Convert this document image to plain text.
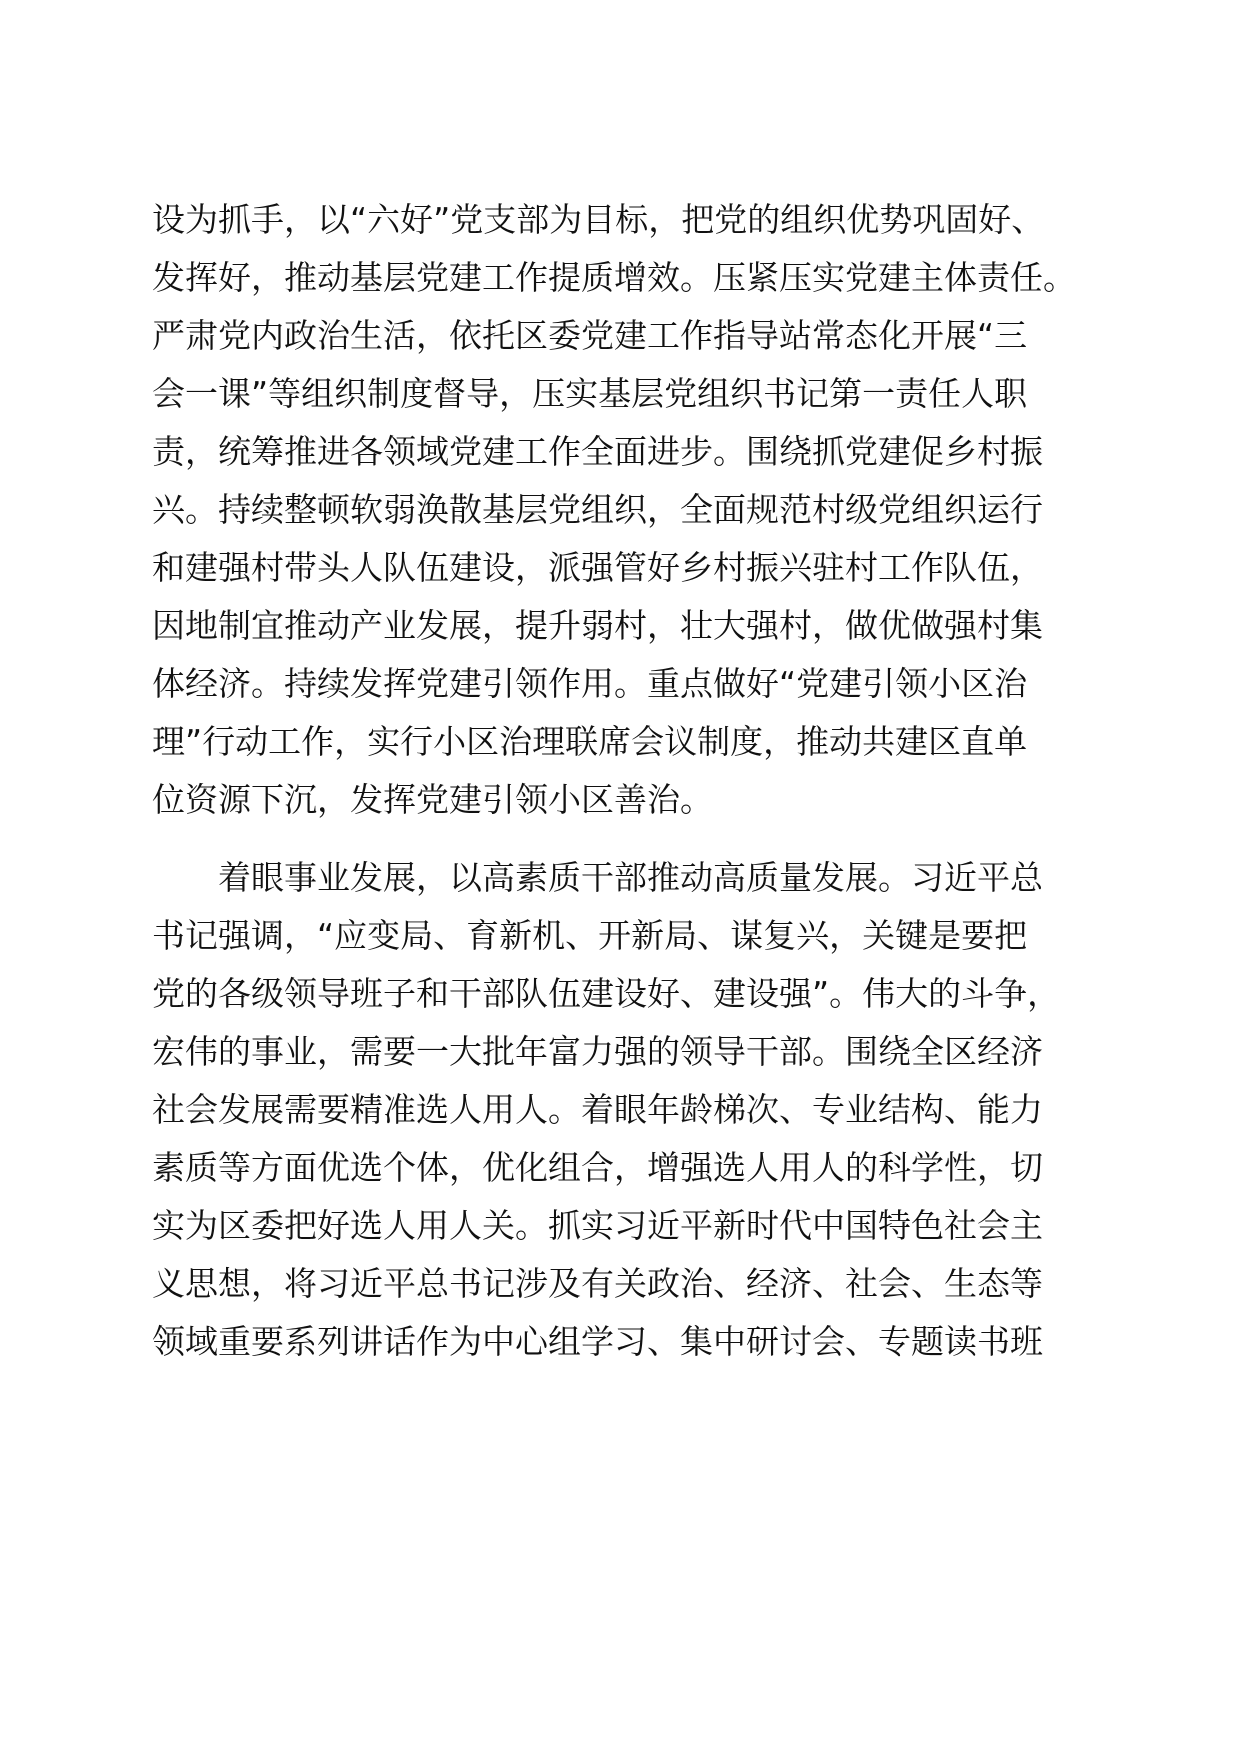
设为抓手，以“六好”党支部为目标，把党的组织优势巩固好、
发挥好，推动基层党建工作提质增效。压紧压实党建主体责任。
严肃党内政治生活，依托区委党建工作指导站常态化开展“三
会一课”等组织制度督导，压实基层党组织书记第一责任人职
责，统筹推进各领域党建工作全面进步。围绕抓党建促乡村振
兴。持续整顿软弱涣散基层党组织，全面规范村级党组织运行
和建强村带头人队伍建设，派强管好乡村振兴驻村工作队伍，
因地制宜推动产业发展，提升弱村，壮大强村，做优做强村集
体经济。持续发挥党建引领作用。重点做好“党建引领小区治
理”行动工作，实行小区治理联席会议制度，推动共建区直单
位资源下沉，发挥党建引领小区善治。
着眼事业发展，以高素质干部推动高质量发展。习近平总
书记强调，“应变局、育新机、开新局、谋复兴，关键是要把
党的各级领导班子和干部队伍建设好、建设强”。伟大的斗争，
宏伟的事业，需要一大批年富力强的领导干部。围绕全区经济
社会发展需要精准选人用人。着眼年龄梯次、专业结构、能力
素质等方面优选个体，优化组合，增强选人用人的科学性，切
实为区委把好选人用人关。抓实习近平新时代中国特色社会主
义思想，将习近平总书记涉及有关政治、经济、社会、生态等
领域重要系列讲话作为中心组学习、集中研讨会、专题读书班
